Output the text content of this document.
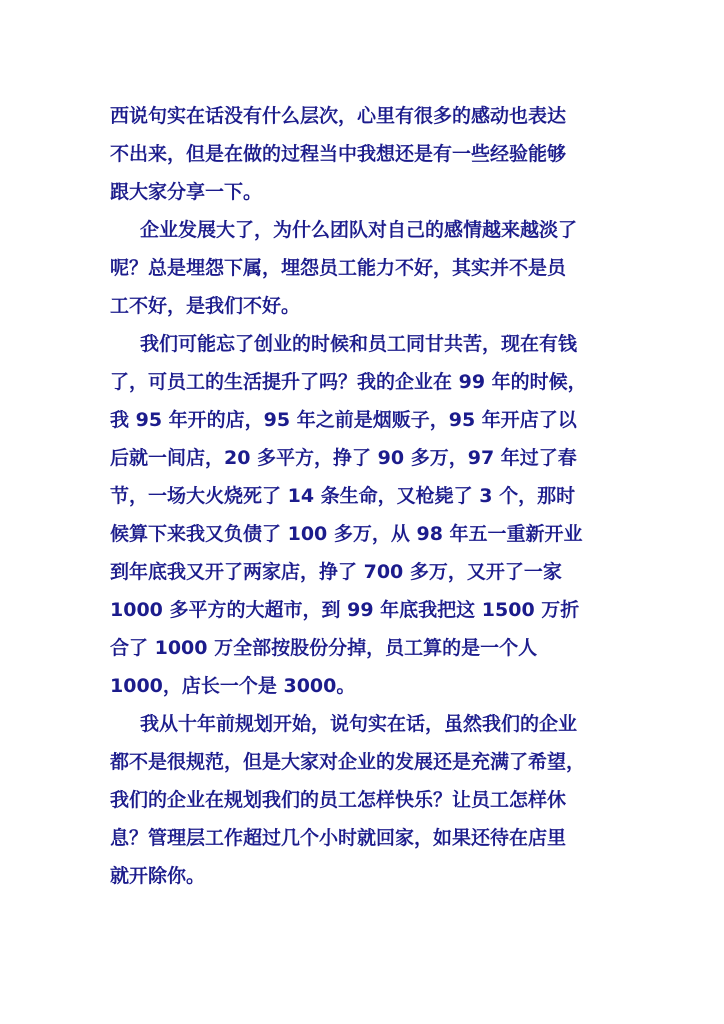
西说句实在话没有什么层次，心里有很多的感动也表达
不出来，但是在做的过程当中我想还是有一些经验能够
跟大家分享一下。
企业发展大了，为什么团队对自己的感情越来越淡了
呢？总是埋怨下属，埋怨员工能力不好，其实并不是员
工不好，是我们不好。
我们可能忘了创业的时候和员工同甘共苦，现在有钱
了，可员工的生活提升了吗？我的企业在 99 年的时候，
我 95 年开的店，95 年之前是烟贩子，95 年开店了以
后就一间店，20 多平方，挣了 90 多万，97 年过了春
节，一场大火烧死了 14 条生命，又枪毙了 3 个，那时
候算下来我又负债了 100 多万，从 98 年五一重新开业
到年底我又开了两家店，挣了 700 多万，又开了一家
1000 多平方的大超市，到 99 年底我把这 1500 万折
合了 1000 万全部按股份分掉，员工算的是一个人
1000，店长一个是 3000。
我从十年前规划开始，说句实在话，虽然我们的企业
都不是很规范，但是大家对企业的发展还是充满了希望，
我们的企业在规划我们的员工怎样快乐？让员工怎样休
息？管理层工作超过几个小时就回家，如果还待在店里
就开除你。
